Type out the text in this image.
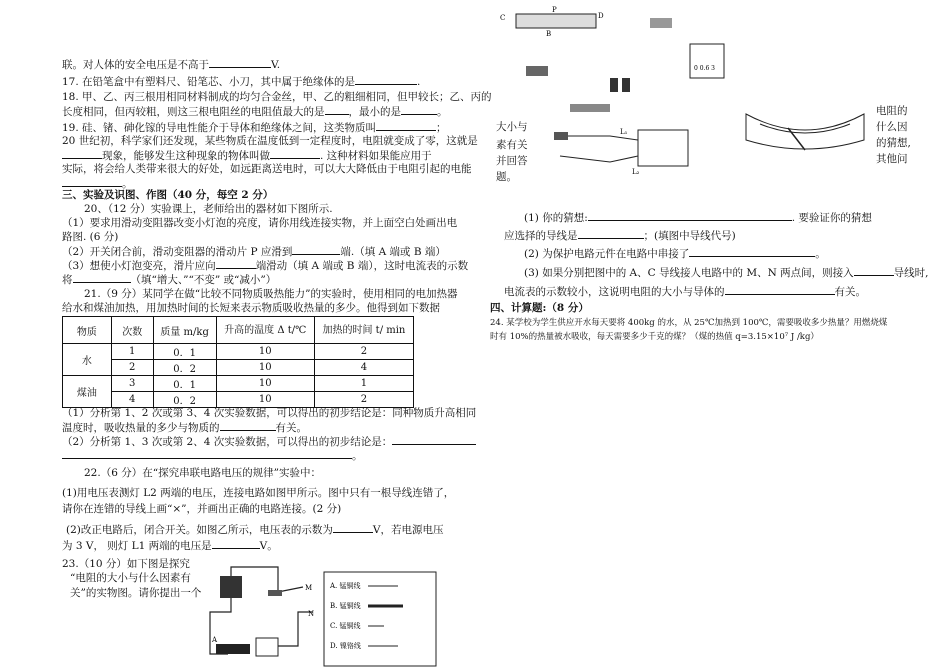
联。对人体的安全电压是不高于	V.
17. 在铅笔盒中有塑料尺、铅笔芯、小刀，其中属于绝缘体的是	.
18. 甲、乙、丙三根用相同材料制成的均匀合金丝，甲、乙的粗细相同，但甲较长；乙、丙的
长度相同，但丙较粗，则这三根电阻丝的电阻值最大的是 ，最小的是	。
19. 硅、锗、砷化镓的导电性能介于导体和绝缘体之间，这类物质叫	；
20 世纪初，科学家们还发现，某些物质在温度低到一定程度时，电阻就变成了零，这就是
现象，能够发生这种现象的物体叫做	. 这种材料如果能应用于
实际，将会给人类带来很大的好处，如远距离送电时，可以大大降低由于电阻引起的电能
。
三、实验及识图、作图（40 分，每空 2 分）
20、（12 分）实验课上，老师给出的器材如下图所示.
（1）要求用滑动变阻器改变小灯泡的亮度，请你用线连接实物，并上面空白处画出电
路图. (6 分)
（2）开关闭合前，滑动变阻器的滑动片 P 应滑到	端.（填 A 端或 B 端）
（3）想使小灯泡变亮，滑片应向	端滑动（填 A 端或 B 端），这时电流表的示数
将	（填“增大、”“不变” 或“减小”）
21.（9 分）某同学在做“比较不同物质吸热能力”的实验时，使用相同的电加热器
给水和煤油加热，用加热时间的长短来表示物质吸收热量的多少。他得到如下数据
物质	次数	质量 m/kg	升高的温度 Δ t/℃	加热的时间 t/ min
水	1	0．1	10	2
	2	0．2	10	4
煤油	3	0．1	10	1
	4	0．2	10	2
（1）分析第 1、2 次或第 3、4 次实验数据，可以得出的初步结论是：同种物质升高相同
温度时，吸收热量的多少与物质的	有关。
（2）分析第 1、3 次或第 2、4 次实验数据，可以得出的初步结论是：
。
22.（6 分）在“探究串联电路电压的规律”实验中：
(1)用电压表测灯 L2 两端的电压，连接电路如图甲所示。图中只有一根导线连错了，
请你在连错的导线上画“×”，并画出正确的电路连接。(2 分)
(2)改正电路后，闭合开关。如图乙所示，电压表的示数为	V，若电源电压
为 3 V， 则灯 L1 两端的电压是	V。
23.（10 分）如下图是探究
“电阻的大小与什么因素有
关”的实物图。请你提出一个	M
N
A
A. 锰铜线
B. 锰铜线
C. 锰铜线
D. 镍铬线
C	D
P
B
0 0.6 3
L₁
L₂
大小与
素有关
并回答
题。
电阻的
什么因
的猜想,
其他问
(1) 你的猜想:	. 要验证你的猜想
应选择的导线是	；(填图中导线代号)
(2) 为保护电路元件在电路中串接了	。
(3) 如果分别把图中的 A、C 导线接人电路中的 M、N 两点间，则接入	导线时,
电流表的示数较小，这说明电阻的大小与导体的	有关。
四、计算题:（8 分）
24. 某学校为学生供应开水每天要将 400kg 的水，从 25℃加热到 100℃，需要吸收多少热量？用燃烧煤
时有 10%的热量被水吸收，每天需要多少千克的煤？（煤的热值 q=3.15×10⁷ J /kg）
